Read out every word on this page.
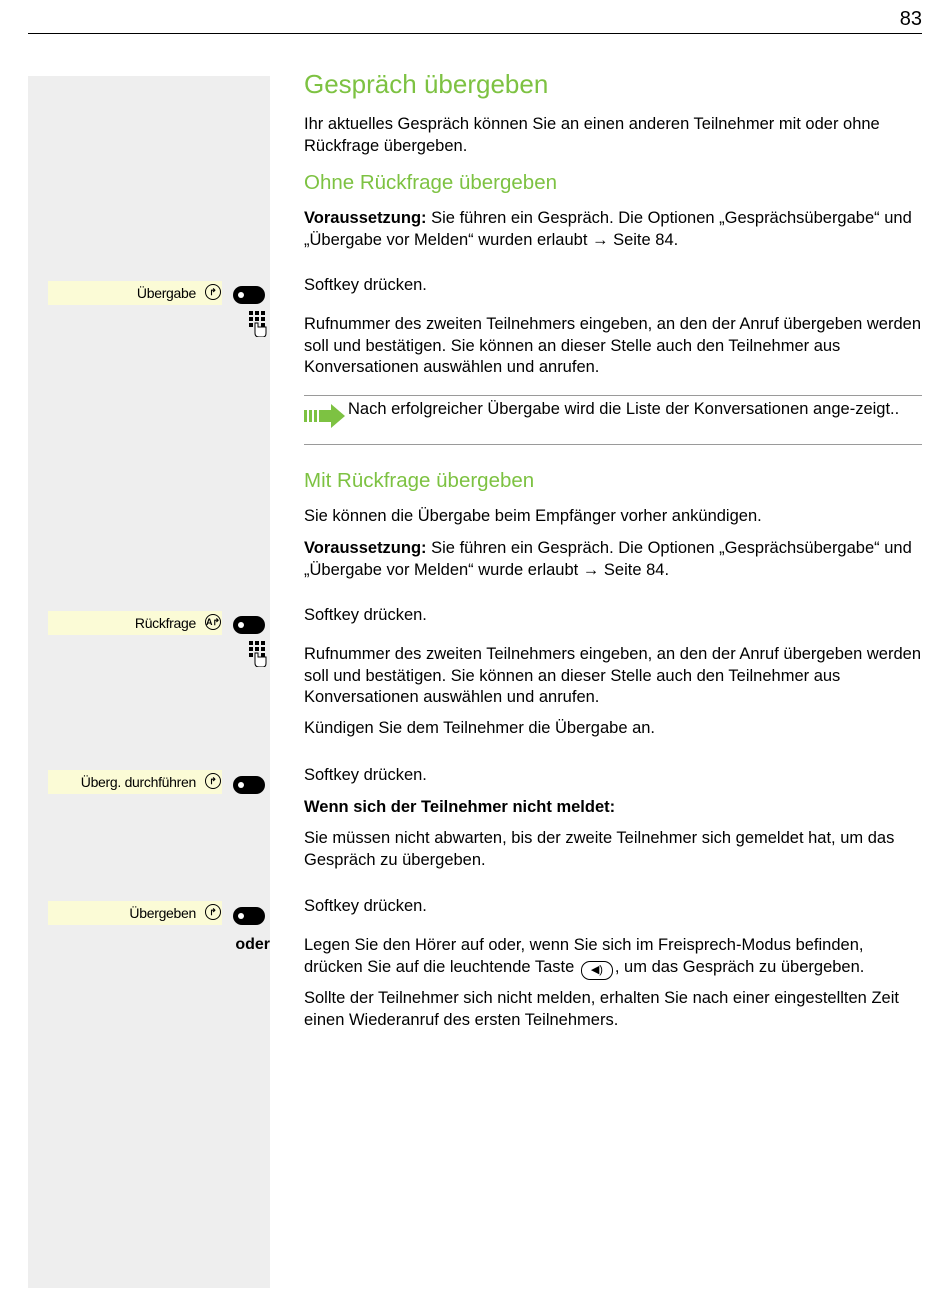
83
Übergabe	↱
Rückfrage A↱
Überg. durchführen	↱
Übergeben	↱
oder
Gespräch übergeben

Ihr aktuelles Gespräch können Sie an einen anderen Teilnehmer mit oder ohne Rückfrage übergeben.

Ohne Rückfrage übergeben

Voraussetzung: Sie führen ein Gespräch. Die Optionen „Gesprächsübergabe“ und „Übergabe vor Melden“ wurden erlaubt → Seite 84.

Softkey drücken.

Rufnummer des zweiten Teilnehmers eingeben, an den der Anruf übergeben werden soll und bestätigen. Sie können an dieser Stelle auch den Teilnehmer aus Konversationen auswählen und anrufen.

Nach erfolgreicher Übergabe wird die Liste der Konversationen ange-zeigt..
Mit Rückfrage übergeben

Sie können die Übergabe beim Empfänger vorher ankündigen.

Voraussetzung: Sie führen ein Gespräch. Die Optionen „Gesprächsübergabe“ und „Übergabe vor Melden“ wurde erlaubt → Seite 84.

Softkey drücken.

Rufnummer des zweiten Teilnehmers eingeben, an den der Anruf übergeben werden soll und bestätigen. Sie können an dieser Stelle auch den Teilnehmer aus Konversationen auswählen und anrufen.

Kündigen Sie dem Teilnehmer die Übergabe an.

Softkey drücken.

Wenn sich der Teilnehmer nicht meldet:

Sie müssen nicht abwarten, bis der zweite Teilnehmer sich gemeldet hat, um das Gespräch zu übergeben.

Softkey drücken.

Legen Sie den Hörer auf oder, wenn Sie sich im Freisprech-Modus befinden, drücken Sie auf die leuchtende Taste ◀) , um das Gespräch zu übergeben.

Sollte der Teilnehmer sich nicht melden, erhalten Sie nach einer eingestellten Zeit einen Wiederanruf des ersten Teilnehmers.
